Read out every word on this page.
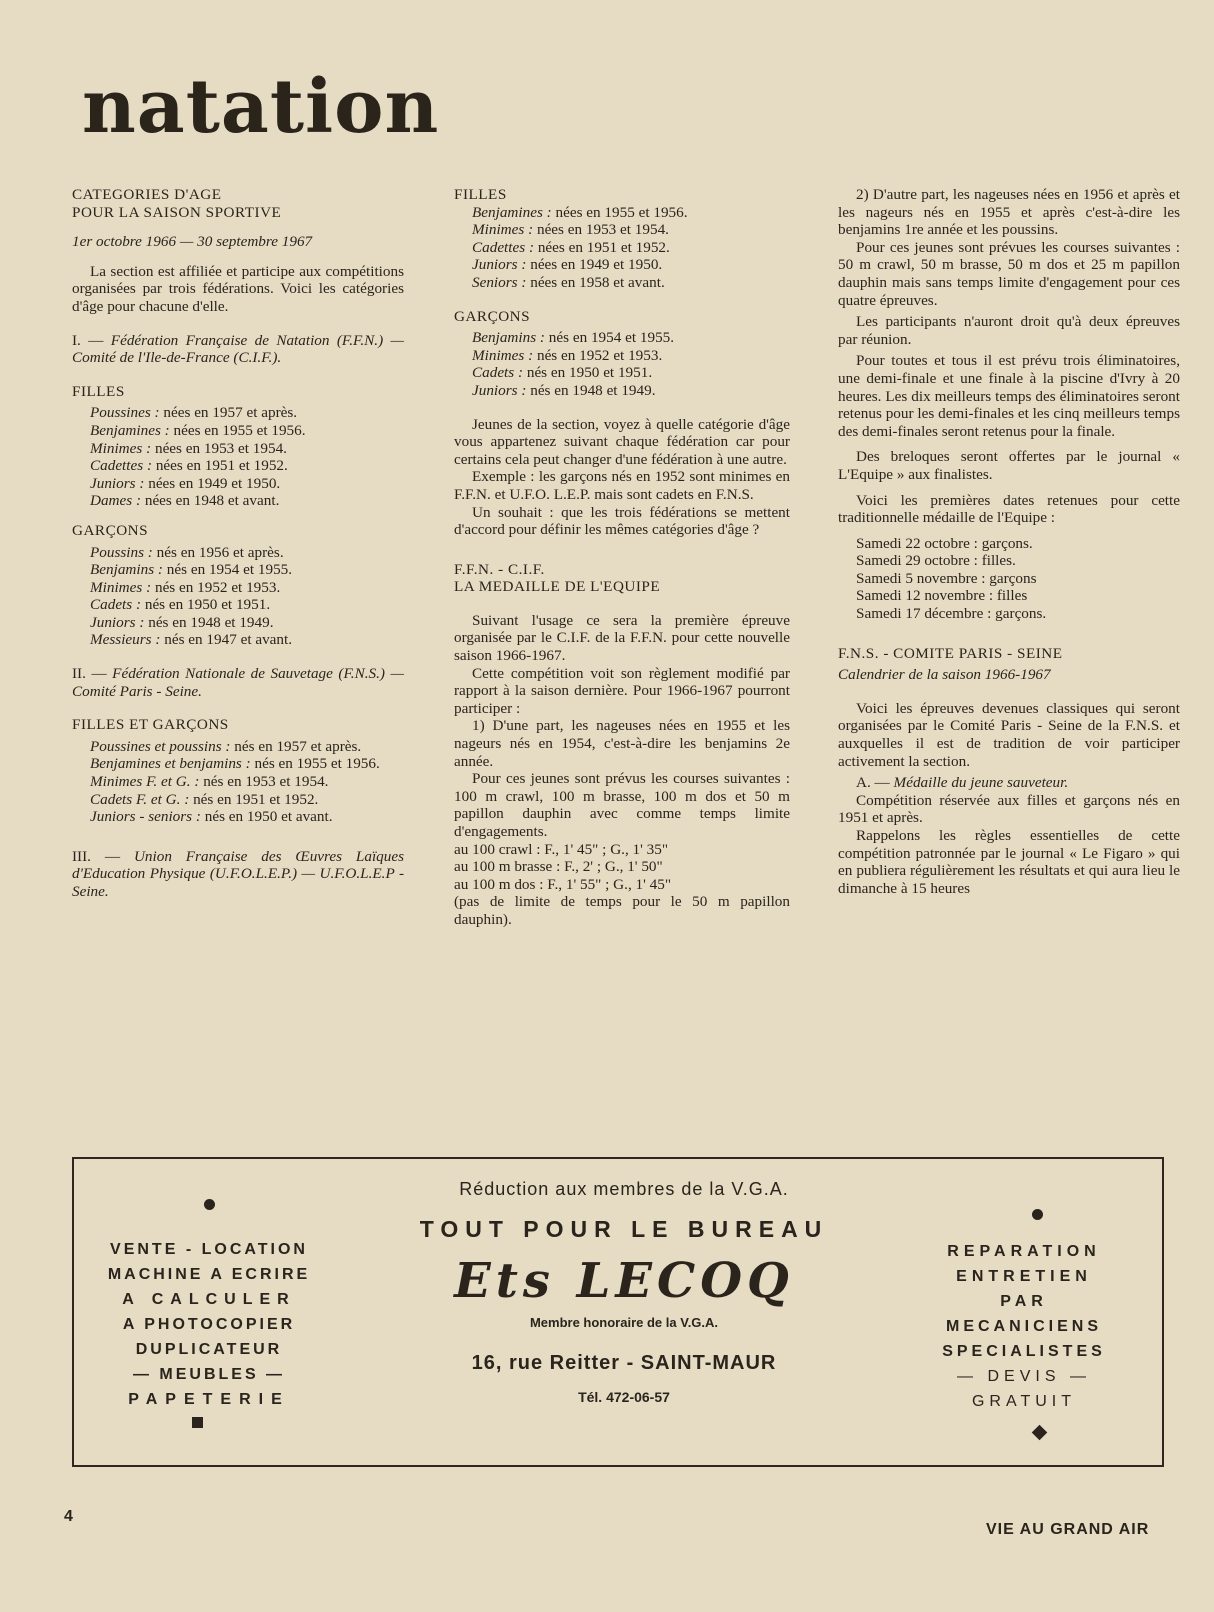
natation

CATEGORIES D'AGE

POUR LA SAISON SPORTIVE

1er octobre 1966 — 30 septembre 1967

La section est affiliée et participe aux compétitions organisées par trois fédérations. Voici les catégories d'âge pour chacune d'elle.

I. — Fédération Française de Natation (F.F.N.) — Comité de l'Ile-de-France (C.I.F.).

FILLES

Poussines : nées en 1957 et après.

Benjamines : nées en 1955 et 1956.

Minimes : nées en 1953 et 1954.

Cadettes : nées en 1951 et 1952.

Juniors : nées en 1949 et 1950.

Dames : nées en 1948 et avant.

GARÇONS

Poussins : nés en 1956 et après.

Benjamins : nés en 1954 et 1955.

Minimes : nés en 1952 et 1953.

Cadets : nés en 1950 et 1951.

Juniors : nés en 1948 et 1949.

Messieurs : nés en 1947 et avant.

II. — Fédération Nationale de Sauvetage (F.N.S.) — Comité Paris - Seine.

FILLES ET GARÇONS

Poussines et poussins : nés en 1957 et après.

Benjamines et benjamins : nés en 1955 et 1956.

Minimes F. et G. : nés en 1953 et 1954.

Cadets F. et G. : nés en 1951 et 1952.

Juniors - seniors : nés en 1950 et avant.

III. — Union Française des Œuvres Laïques d'Education Physique (U.F.O.L.E.P.) — U.F.O.L.E.P - Seine.

FILLES

Benjamines : nées en 1955 et 1956.

Minimes : nées en 1953 et 1954.

Cadettes : nées en 1951 et 1952.

Juniors : nées en 1949 et 1950.

Seniors : nées en 1958 et avant.

GARÇONS

Benjamins : nés en 1954 et 1955.

Minimes : nés en 1952 et 1953.

Cadets : nés en 1950 et 1951.

Juniors : nés en 1948 et 1949.

Jeunes de la section, voyez à quelle catégorie d'âge vous appartenez suivant chaque fédération car pour certains cela peut changer d'une fédération à une autre.

Exemple : les garçons nés en 1952 sont minimes en F.F.N. et U.F.O. L.E.P. mais sont cadets en F.N.S.

Un souhait : que les trois fédérations se mettent d'accord pour définir les mêmes catégories d'âge ?

F.F.N. - C.I.F.

LA MEDAILLE DE L'EQUIPE

Suivant l'usage ce sera la première épreuve organisée par le C.I.F. de la F.F.N. pour cette nouvelle saison 1966-1967.

Cette compétition voit son règlement modifié par rapport à la saison dernière. Pour 1966-1967 pourront participer :

1) D'une part, les nageuses nées en 1955 et les nageurs nés en 1954, c'est-à-dire les benjamins 2e année.

Pour ces jeunes sont prévus les courses suivantes : 100 m crawl, 100 m brasse, 100 m dos et 50 m papillon dauphin avec comme temps limite d'engagements.

au 100 crawl : F., 1' 45" ; G., 1' 35"

au 100 m brasse : F., 2' ; G., 1' 50"

au 100 m dos : F., 1' 55" ; G., 1' 45"

(pas de limite de temps pour le 50 m papillon dauphin).

2) D'autre part, les nageuses nées en 1956 et après et les nageurs nés en 1955 et après c'est-à-dire les benjamins 1re année et les poussins.

Pour ces jeunes sont prévues les courses suivantes : 50 m crawl, 50 m brasse, 50 m dos et 25 m papillon dauphin mais sans temps limite d'engagement pour ces quatre épreuves.

Les participants n'auront droit qu'à deux épreuves par réunion.

Pour toutes et tous il est prévu trois éliminatoires, une demi-finale et une finale à la piscine d'Ivry à 20 heures. Les dix meilleurs temps des éliminatoires seront retenus pour les demi-finales et les cinq meilleurs temps des demi-finales seront retenus pour la finale.

Des breloques seront offertes par le journal « L'Equipe » aux finalistes.

Voici les premières dates retenues pour cette traditionnelle médaille de l'Equipe :

Samedi 22 octobre : garçons.

Samedi 29 octobre : filles.

Samedi 5 novembre : garçons

Samedi 12 novembre : filles

Samedi 17 décembre : garçons.

F.N.S. - COMITE PARIS - SEINE

Calendrier de la saison 1966-1967

Voici les épreuves devenues classiques qui seront organisées par le Comité Paris - Seine de la F.N.S. et auxquelles il est de tradition de voir participer activement la section.

A. — Médaille du jeune sauveteur.

Compétition réservée aux filles et garçons nés en 1951 et après.

Rappelons les règles essentielles de cette compétition patronnée par le journal « Le Figaro » qui en publiera régulièrement les résultats et qui aura lieu le dimanche à 15 heures

VENTE - LOCATION
MACHINE A ECRIRE
A CALCULER
A PHOTOCOPIER
DUPLICATEUR
— MEUBLES —
PAPETERIE
Réduction aux membres de la V.G.A.
TOUT POUR LE BUREAU
Ets LECOQ
Membre honoraire de la V.G.A.
16, rue Reitter - SAINT-MAUR
Tél. 472-06-57
REPARATION
ENTRETIEN
PAR
MECANICIENS
SPECIALISTES
— DEVIS —
GRATUIT
4
VIE AU GRAND AIR
